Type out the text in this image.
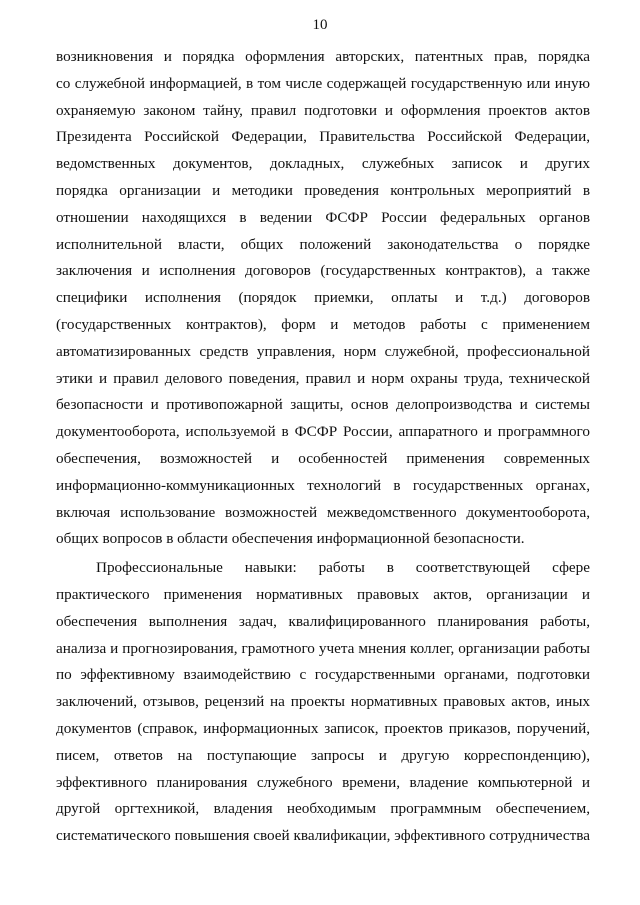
10

возникновения и порядка оформления авторских, патентных прав, порядка
со служебной информацией, в том числе содержащей государственную или иную
охраняемую законом тайну, правил подготовки и оформления проектов актов
Президента Российской Федерации, Правительства Российской Федерации,
ведомственных документов, докладных, служебных записок и других
порядка организации и методики проведения контрольных мероприятий в
отношении находящихся в ведении ФСФР России федеральных органов
исполнительной власти, общих положений законодательства о порядке
заключения и исполнения договоров (государственных контрактов), а также
специфики исполнения (порядок приемки, оплаты и т.д.) договоров
(государственных контрактов), форм и методов работы с применением
автоматизированных средств управления, норм служебной, профессиональной
этики и правил делового поведения, правил и норм охраны труда, технической
безопасности и противопожарной защиты, основ делопроизводства и системы
документооборота, используемой в ФСФР России, аппаратного и программного
обеспечения, возможностей и особенностей применения современных
информационно-коммуникационных технологий в государственных органах,
включая использование возможностей межведомственного документооборота,
общих вопросов в области обеспечения информационной безопасности.

Профессиональные навыки: работы в соответствующей сфере
практического применения нормативных правовых актов, организации и
обеспечения выполнения задач, квалифицированного планирования работы,
анализа и прогнозирования, грамотного учета мнения коллег, организации работы
по эффективному взаимодействию с государственными органами, подготовки
заключений, отзывов, рецензий на проекты нормативных правовых актов, иных
документов (справок, информационных записок, проектов приказов, поручений,
писем, ответов на поступающие запросы и другую корреспонденцию),
эффективного планирования служебного времени, владение компьютерной и
другой оргтехникой, владения необходимым программным обеспечением,
систематического повышения своей квалификации, эффективного сотрудничества
